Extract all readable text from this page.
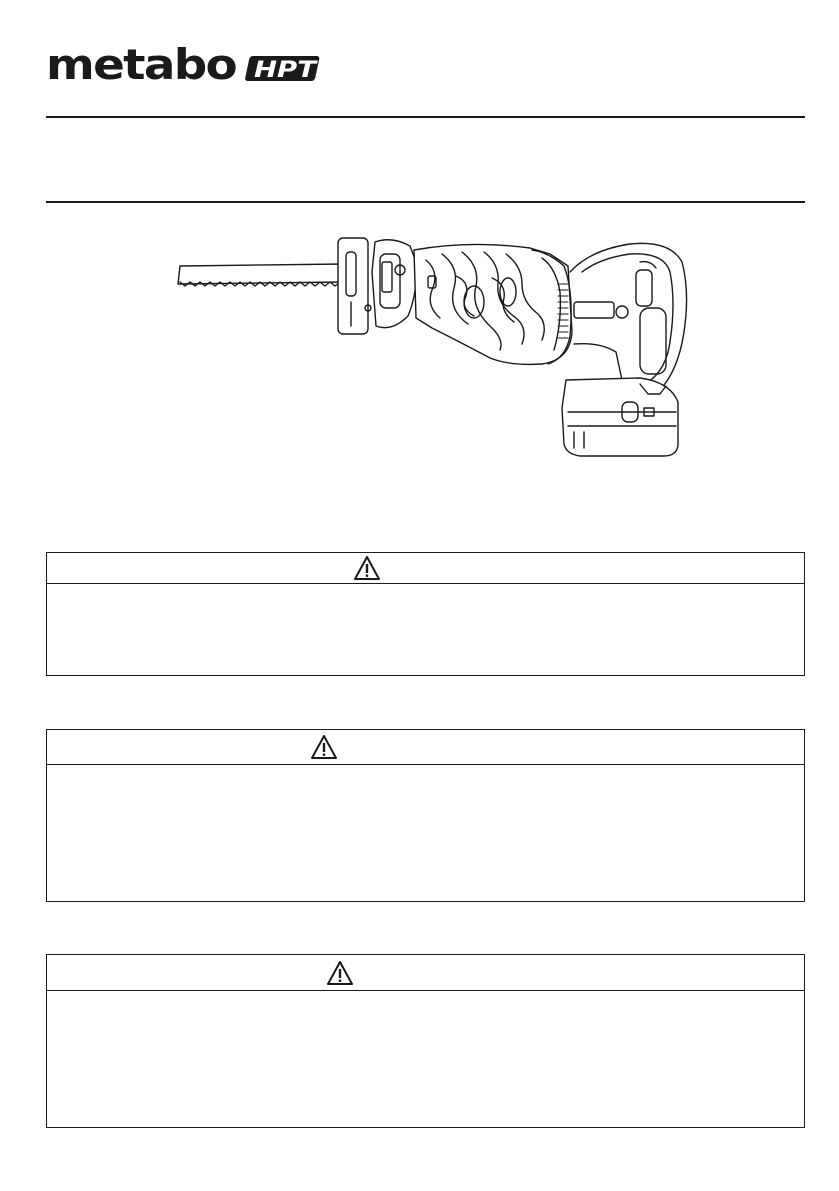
metabo HPT
